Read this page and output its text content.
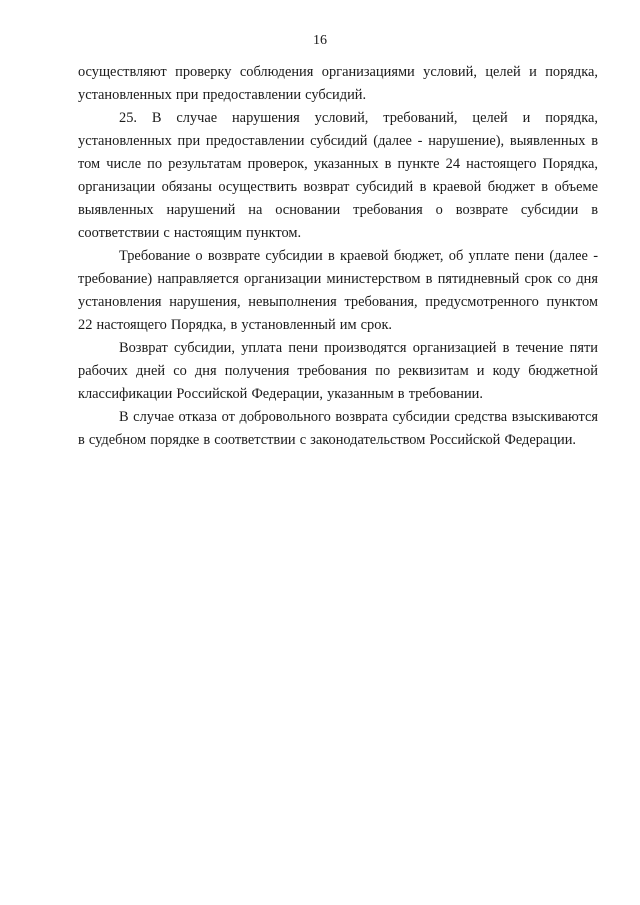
16

осуществляют проверку соблюдения организациями условий, целей и порядка, установленных при предоставлении субсидий.

25. В случае нарушения условий, требований, целей и порядка, установленных при предоставлении субсидий (далее - нарушение), выявленных в том числе по результатам проверок, указанных в пункте 24 настоящего Порядка, организации обязаны осуществить возврат субсидий в краевой бюджет в объеме выявленных нарушений на основании требования о возврате субсидии в соответствии с настоящим пунктом.

Требование о возврате субсидии в краевой бюджет, об уплате пени (далее - требование) направляется организации министерством в пятидневный срок со дня установления нарушения, невыполнения требования, предусмотренного пунктом 22 настоящего Порядка, в установленный им срок.

Возврат субсидии, уплата пени производятся организацией в течение пяти рабочих дней со дня получения требования по реквизитам и коду бюджетной классификации Российской Федерации, указанным в требовании.

В случае отказа от добровольного возврата субсидии средства взыскиваются в судебном порядке в соответствии с законодательством Российской Федерации.
